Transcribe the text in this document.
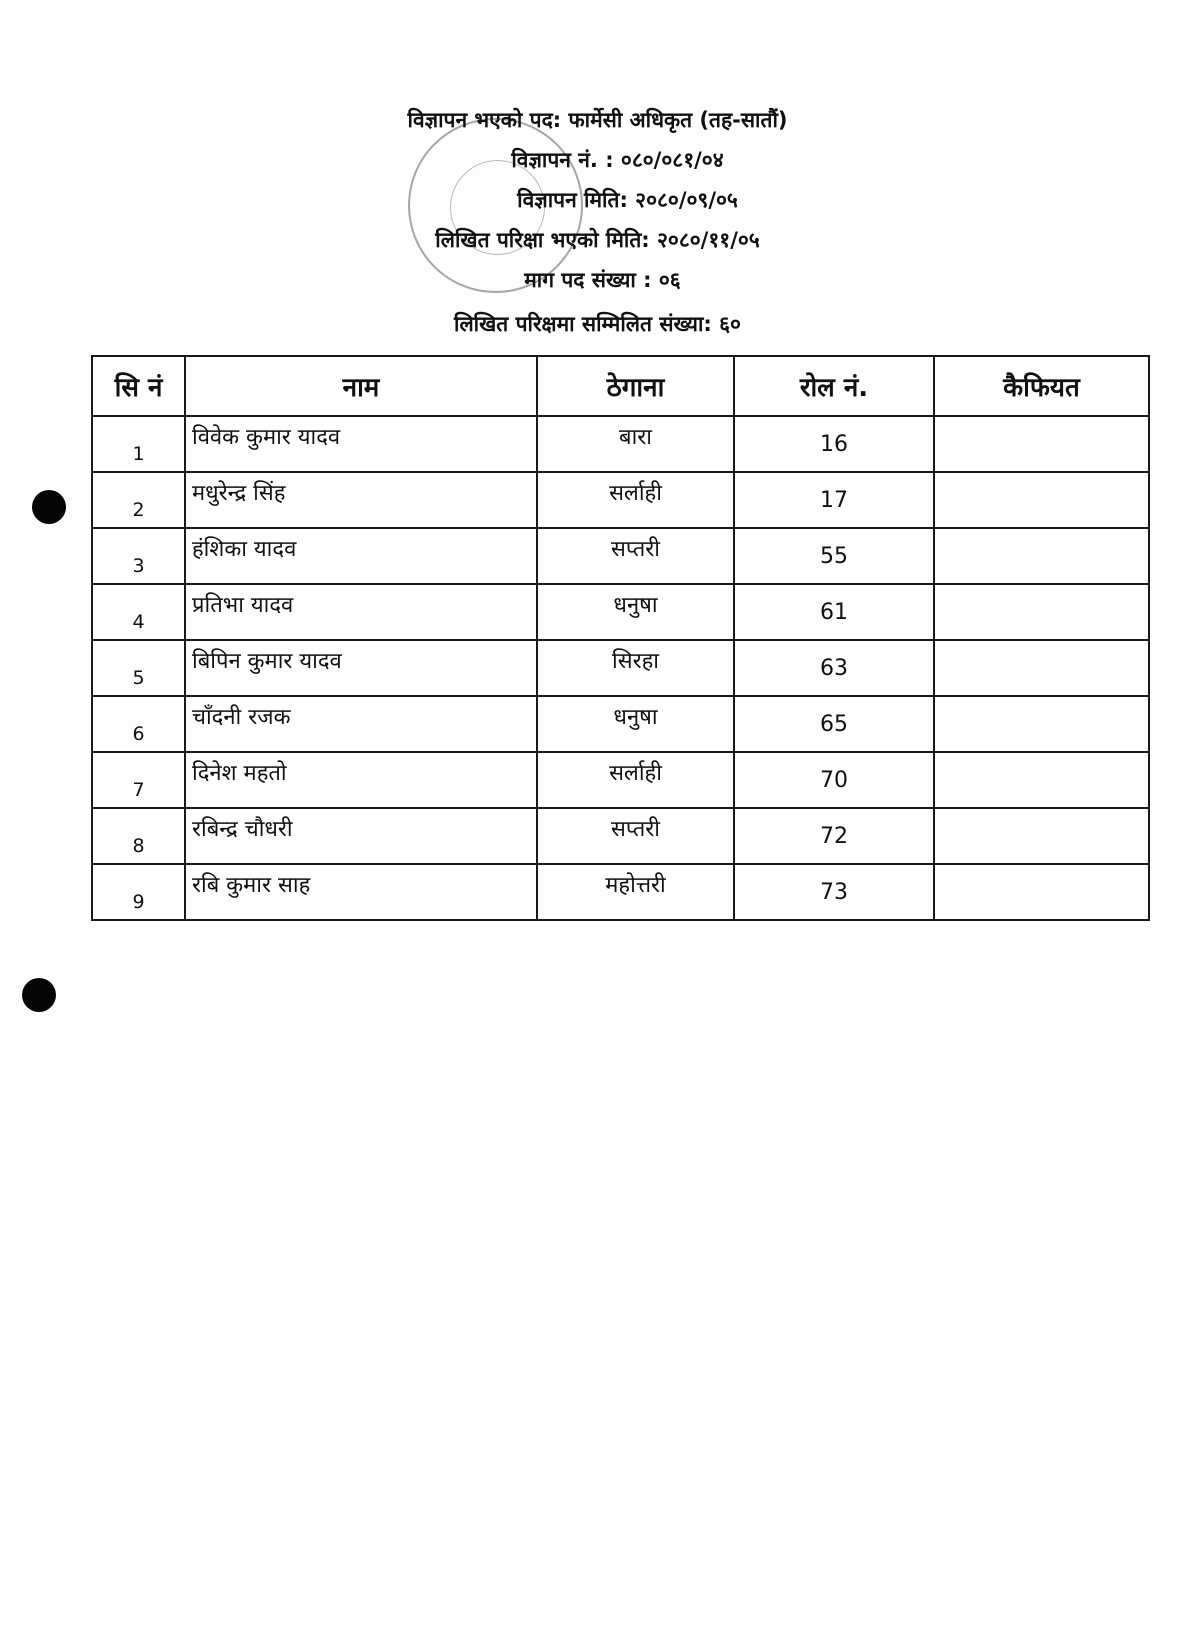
विज्ञापन भएको पद: फार्मेसी अधिकृत (तह-सातौं)
विज्ञापन नं. : ०८०/०८१/०४
विज्ञापन मिति: २०८०/०९/०५
लिखित परिक्षा भएको मिति: २०८०/११/०५
माग पद संख्या : ०६
लिखित परिक्षमा सम्मिलित संख्या: ६०
सि नं	नाम	ठेगाना	रोल नं.	कैफियत
1	विवेक कुमार यादव	बारा	16	
2	मधुरेन्द्र सिंह	सर्लाही	17	
3	हंशिका यादव	सप्तरी	55	
4	प्रतिभा यादव	धनुषा	61	
5	बिपिन कुमार यादव	सिरहा	63	
6	चाँदनी रजक	धनुषा	65	
7	दिनेश महतो	सर्लाही	70	
8	रबिन्द्र चौधरी	सप्तरी	72	
9	रबि कुमार साह	महोत्तरी	73	
